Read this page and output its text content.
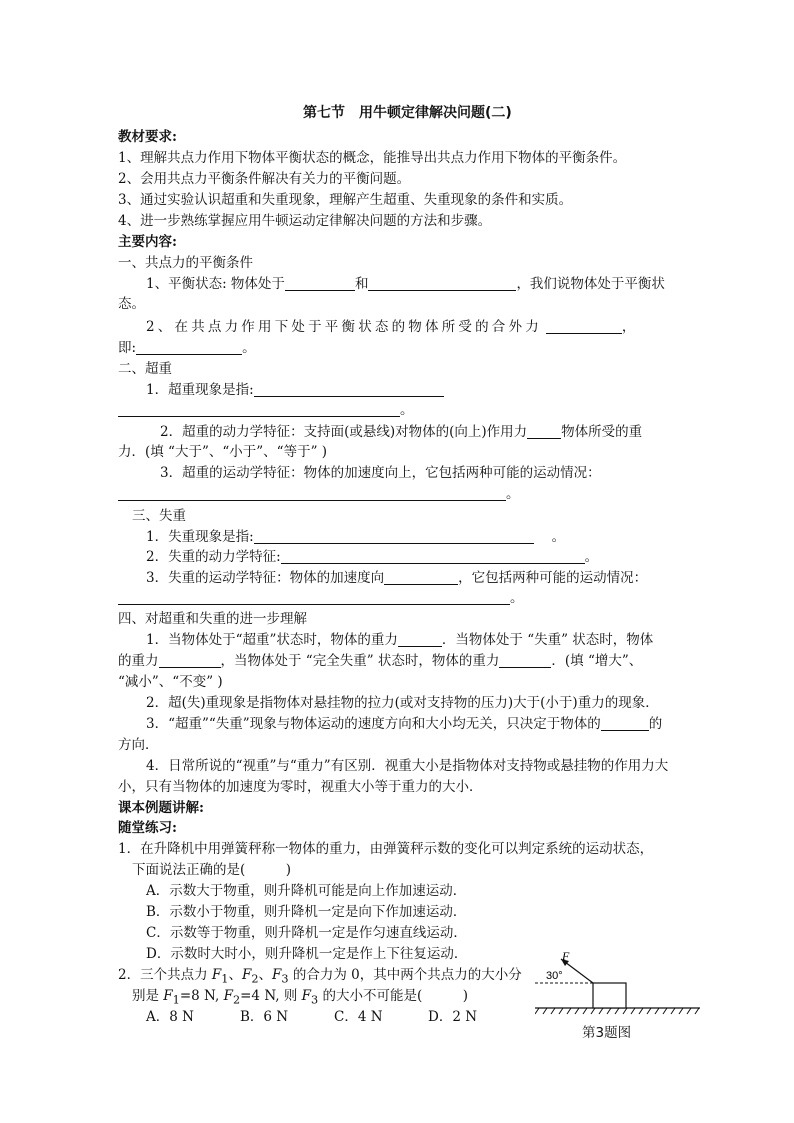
第七节　用牛顿定律解决问题(二)
教材要求:
1、理解共点力作用下物体平衡状态的概念，能推导出共点力作用下物体的平衡条件。
2、会用共点力平衡条件解决有关力的平衡问题。
3、通过实验认识超重和失重现象，理解产生超重、失重现象的条件和实质。
4、进一步熟练掌握应用牛顿运动定律解决问题的方法和步骤。
主要内容:
一、共点力的平衡条件
1、平衡状态: 物体处于	和	，我们说物体处于平衡状
态。
2、在共点力作用下处于平衡状态的物体所受的合外力	，
即:	。
二、超重
1．超重现象是指:
。
2．超重的动力学特征：支持面(或悬线)对物体的(向上)作用力	物体所受的重
力．(填 “大于”、“小于”、“等于” )
3．超重的运动学特征：物体的加速度向上，它包括两种可能的运动情况：
。
三、失重
1．失重现象是指:	。
2．失重的动力学特征:	。
3．失重的运动学特征：物体的加速度向	，它包括两种可能的运动情况：
。
四、对超重和失重的进一步理解
1．当物体处于“超重”状态时，物体的重力	．当物体处于 “失重” 状态时，物体
的重力	，当物体处于 “完全失重” 状态时，物体的重力	．(填 “增大”、
“减小”、“不变” )
2．超(失)重现象是指物体对悬挂物的拉力(或对支持物的压力)大于(小于)重力的现象．
3．“超重”“失重”现象与物体运动的速度方向和大小均无关，只决定于物体的	的
方向．
4．日常所说的“视重”与“重力”有区别．视重大小是指物体对支持物或悬挂物的作用力大
小，只有当物体的加速度为零时，视重大小等于重力的大小．
课本例题讲解:
随堂练习:
1．在升降机中用弹簧秤称一物体的重力，由弹簧秤示数的变化可以判定系统的运动状态，
下面说法正确的是(　　　)
A．示数大于物重，则升降机可能是向上作加速运动．
B．示数小于物重，则升降机一定是向下作加速运动．
C．示数等于物重，则升降机一定是作匀速直线运动．
D．示数时大时小，则升降机一定是作上下往复运动．
2．三个共点力 $F_1$、$F_2$、$F_3$ 的合力为 0，其中两个共点力的大小分
别是 $F_1=8$ N, $F_2=4$ N, 则 $F_3$ 的大小不可能是(　　　)
A．8 N	B．6 N	C．4 N	D．2 N
F
30°
第3题图
